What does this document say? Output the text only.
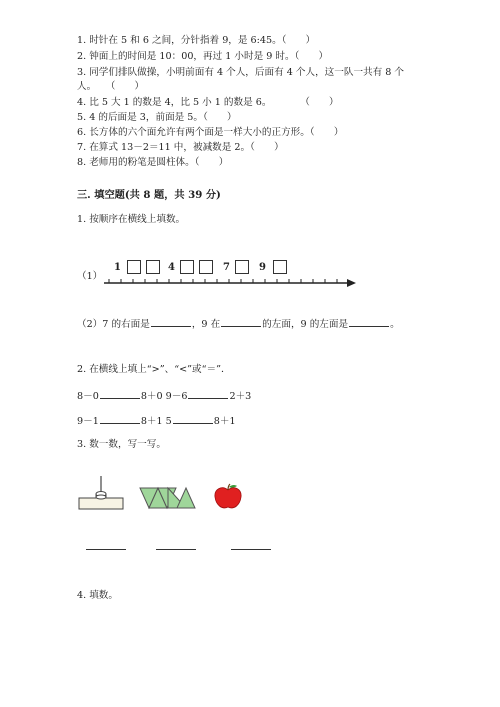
1. 时针在 5 和 6 之间，分针指着 9，是 6:45。（　　）
2. 钟面上的时间是 10：00，再过 1 小时是 9 时。（　　）
3. 同学们排队做操，小明前面有 4 个人，后面有 4 个人，这一队一共有 8 个
人。　　（　　）
4. 比 5 大 1 的数是 4，比 5 小 1 的数是 6。　　　　（　　）
5. 4 的后面是 3，前面是 5。（　　）
6. 长方体的六个面允许有两个面是一样大小的正方形。（　　）
7. 在算式 13－2＝11 中，被减数是 2。（　　）
8. 老师用的粉笔是圆柱体。（　　）
三. 填空题(共 8 题，共 39 分)
1. 按顺序在横线上填数。
（1）
1	4	7	9
（2）7 的右面是	，9 在	的左面，9 的左面是	。
2. 在横线上填上“>”、“<”或“＝”．
8－0	8＋0 9－6	2＋3
9－1	8＋1 5	8＋1
3. 数一数，写一写。
4. 填数。
